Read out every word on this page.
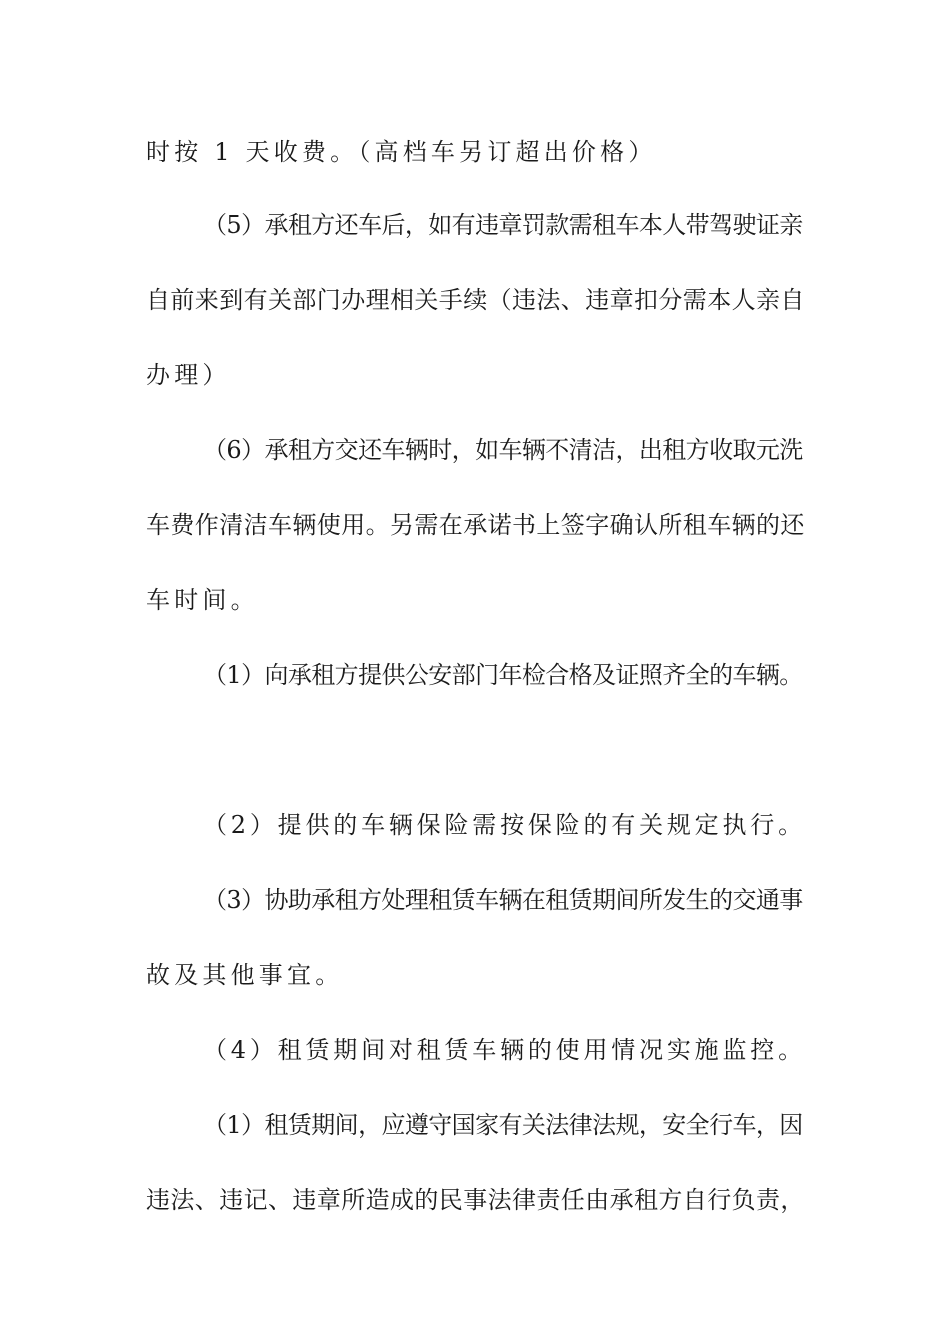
时按 1 天收费。（高档车另订超出价格）
（5）承租方还车后，如有违章罚款需租车本人带驾驶证亲
自前来到有关部门办理相关手续（违法、违章扣分需本人亲自
办理）
（6）承租方交还车辆时，如车辆不清洁，出租方收取元洗
车费作清洁车辆使用。另需在承诺书上签字确认所租车辆的还
车时间。
（1）向承租方提供公安部门年检合格及证照齐全的车辆。
（2）提供的车辆保险需按保险的有关规定执行。
（3）协助承租方处理租赁车辆在租赁期间所发生的交通事
故及其他事宜。
（4）租赁期间对租赁车辆的使用情况实施监控。
（1）租赁期间，应遵守国家有关法律法规，安全行车，因
违法、违记、违章所造成的民事法律责任由承租方自行负责，
